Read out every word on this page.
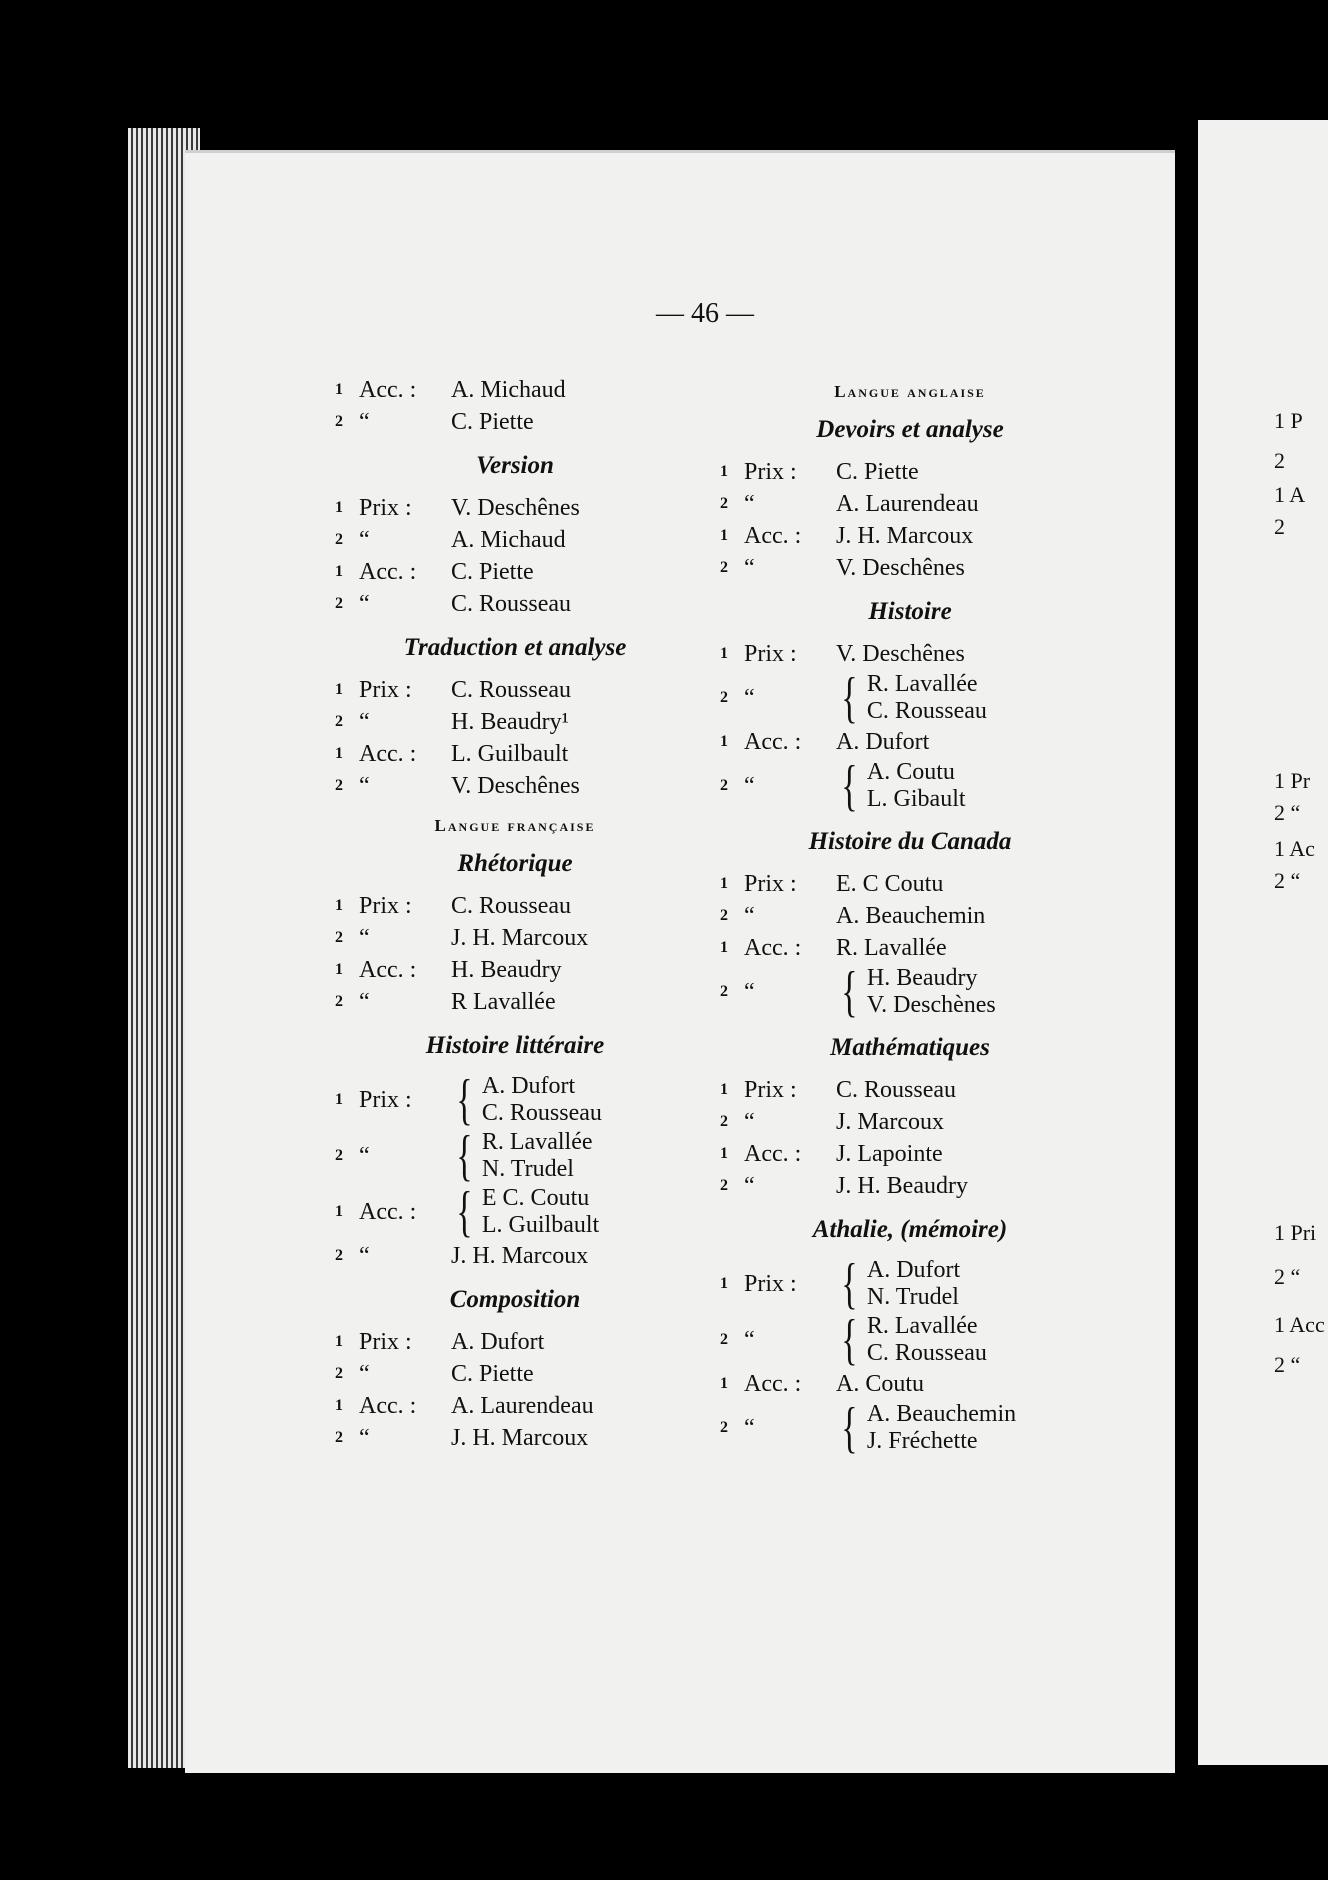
— 46 —
1 Acc. :	A. Michaud
2 “	C. Piette
Version
1 Prix :	V. Deschênes
2 “	A. Michaud
1 Acc. :	C. Piette
2 “	C. Rousseau
Traduction et analyse
1 Prix :	C. Rousseau
2 “	H. Beaudry¹
1 Acc. :	L. Guilbault
2 “	V. Deschênes
Langue française
Rhétorique
1 Prix :	C. Rousseau
2 “	J. H. Marcoux
1 Acc. :	H. Beaudry
2 “	R Lavallée
Histoire littéraire
1 Prix : { A. Dufort
C. Rousseau
2 “	{ R. Lavallée
N. Trudel
1 Acc. : { E C. Coutu
L. Guilbault
2 “	J. H. Marcoux
Composition
1 Prix :	A. Dufort
2 “	C. Piette
1 Acc. :	A. Laurendeau
2 “	J. H. Marcoux
Langue anglaise
Devoirs et analyse
1 Prix :	C. Piette
2 “	A. Laurendeau
1 Acc. :	J. H. Marcoux
2 “	V. Deschênes
Histoire
1 Prix :	V. Deschênes
2 “	{ R. Lavallée
C. Rousseau
1 Acc. :	A. Dufort
2 “	{ A. Coutu
L. Gibault
Histoire du Canada
1 Prix :	E. C Coutu
2 “	A. Beauchemin
1 Acc. :	R. Lavallée
2 “	{ H. Beaudry
V. Deschènes
Mathématiques
1 Prix :	C. Rousseau
2 “	J. Marcoux
1 Acc. :	J. Lapointe
2 “	J. H. Beaudry
Athalie, (mémoire)
1 Prix : { A. Dufort
N. Trudel
2 “	{ R. Lavallée
C. Rousseau
1 Acc. :	A. Coutu
2 “	{ A. Beauchemin
J. Fréchette
1 P
2
1 A
2
1 Pr
2 “
1 Ac
2 “
1 Pri
2 “
1 Acc
2 “
